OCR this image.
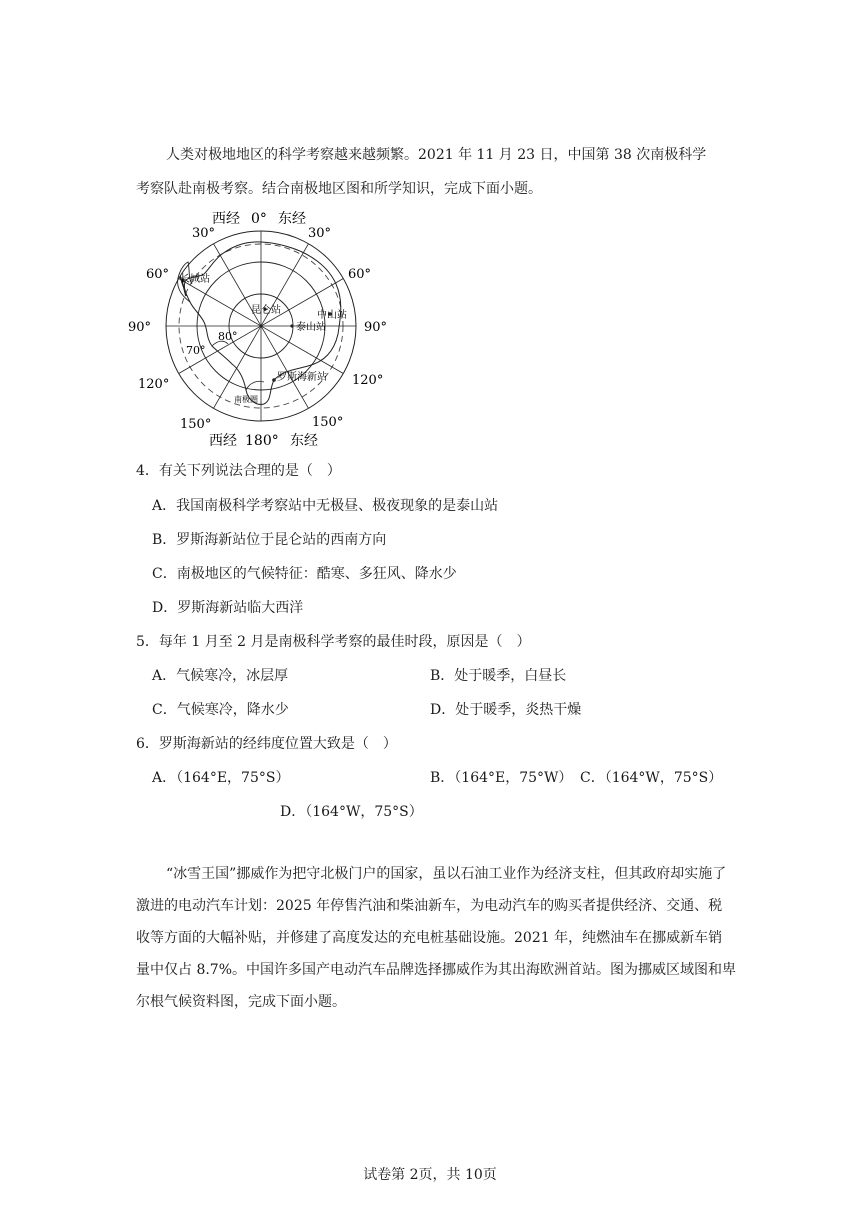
人类对极地地区的科学考察越来越频繁。2021 年 11 月 23 日，中国第 38 次南极科学
考察队赴南极考察。结合南极地区图和所学知识，完成下面小题。

西经 0° 东经
西经 180° 东经
30°	30°
60°	60°
90°	90°
120°	120°
150°	150°
80°
70°
长城站
昆仑站	中山站
泰山站
罗斯海新站
南极圈
4．有关下列说法合理的是（　）
A．我国南极科学考察站中无极昼、极夜现象的是泰山站
B．罗斯海新站位于昆仑站的西南方向
C．南极地区的气候特征：酷寒、多狂风、降水少
D．罗斯海新站临大西洋
5．每年 1 月至 2 月是南极科学考察的最佳时段，原因是（　）
A．气候寒冷，冰层厚	B．处于暖季，白昼长
C．气候寒冷，降水少	D．处于暖季，炎热干燥
6．罗斯海新站的经纬度位置大致是（　）
A．（164°E，75°S）	B．（164°E，75°W） C．（164°W，75°S）
D．（164°W，75°S）

“冰雪王国”挪威作为把守北极门户的国家，虽以石油工业作为经济支柱，但其政府却实施了激进的电动汽车计划：2025 年停售汽油和柴油新车，为电动汽车的购买者提供经济、交通、税收等方面的大幅补贴，并修建了高度发达的充电桩基础设施。2021 年，纯燃油车在挪威新车销量中仅占 8.7%。中国许多国产电动汽车品牌选择挪威作为其出海欧洲首站。图为挪威区域图和卑尔根气候资料图，完成下面小题。

试卷第 2页，共 10页
